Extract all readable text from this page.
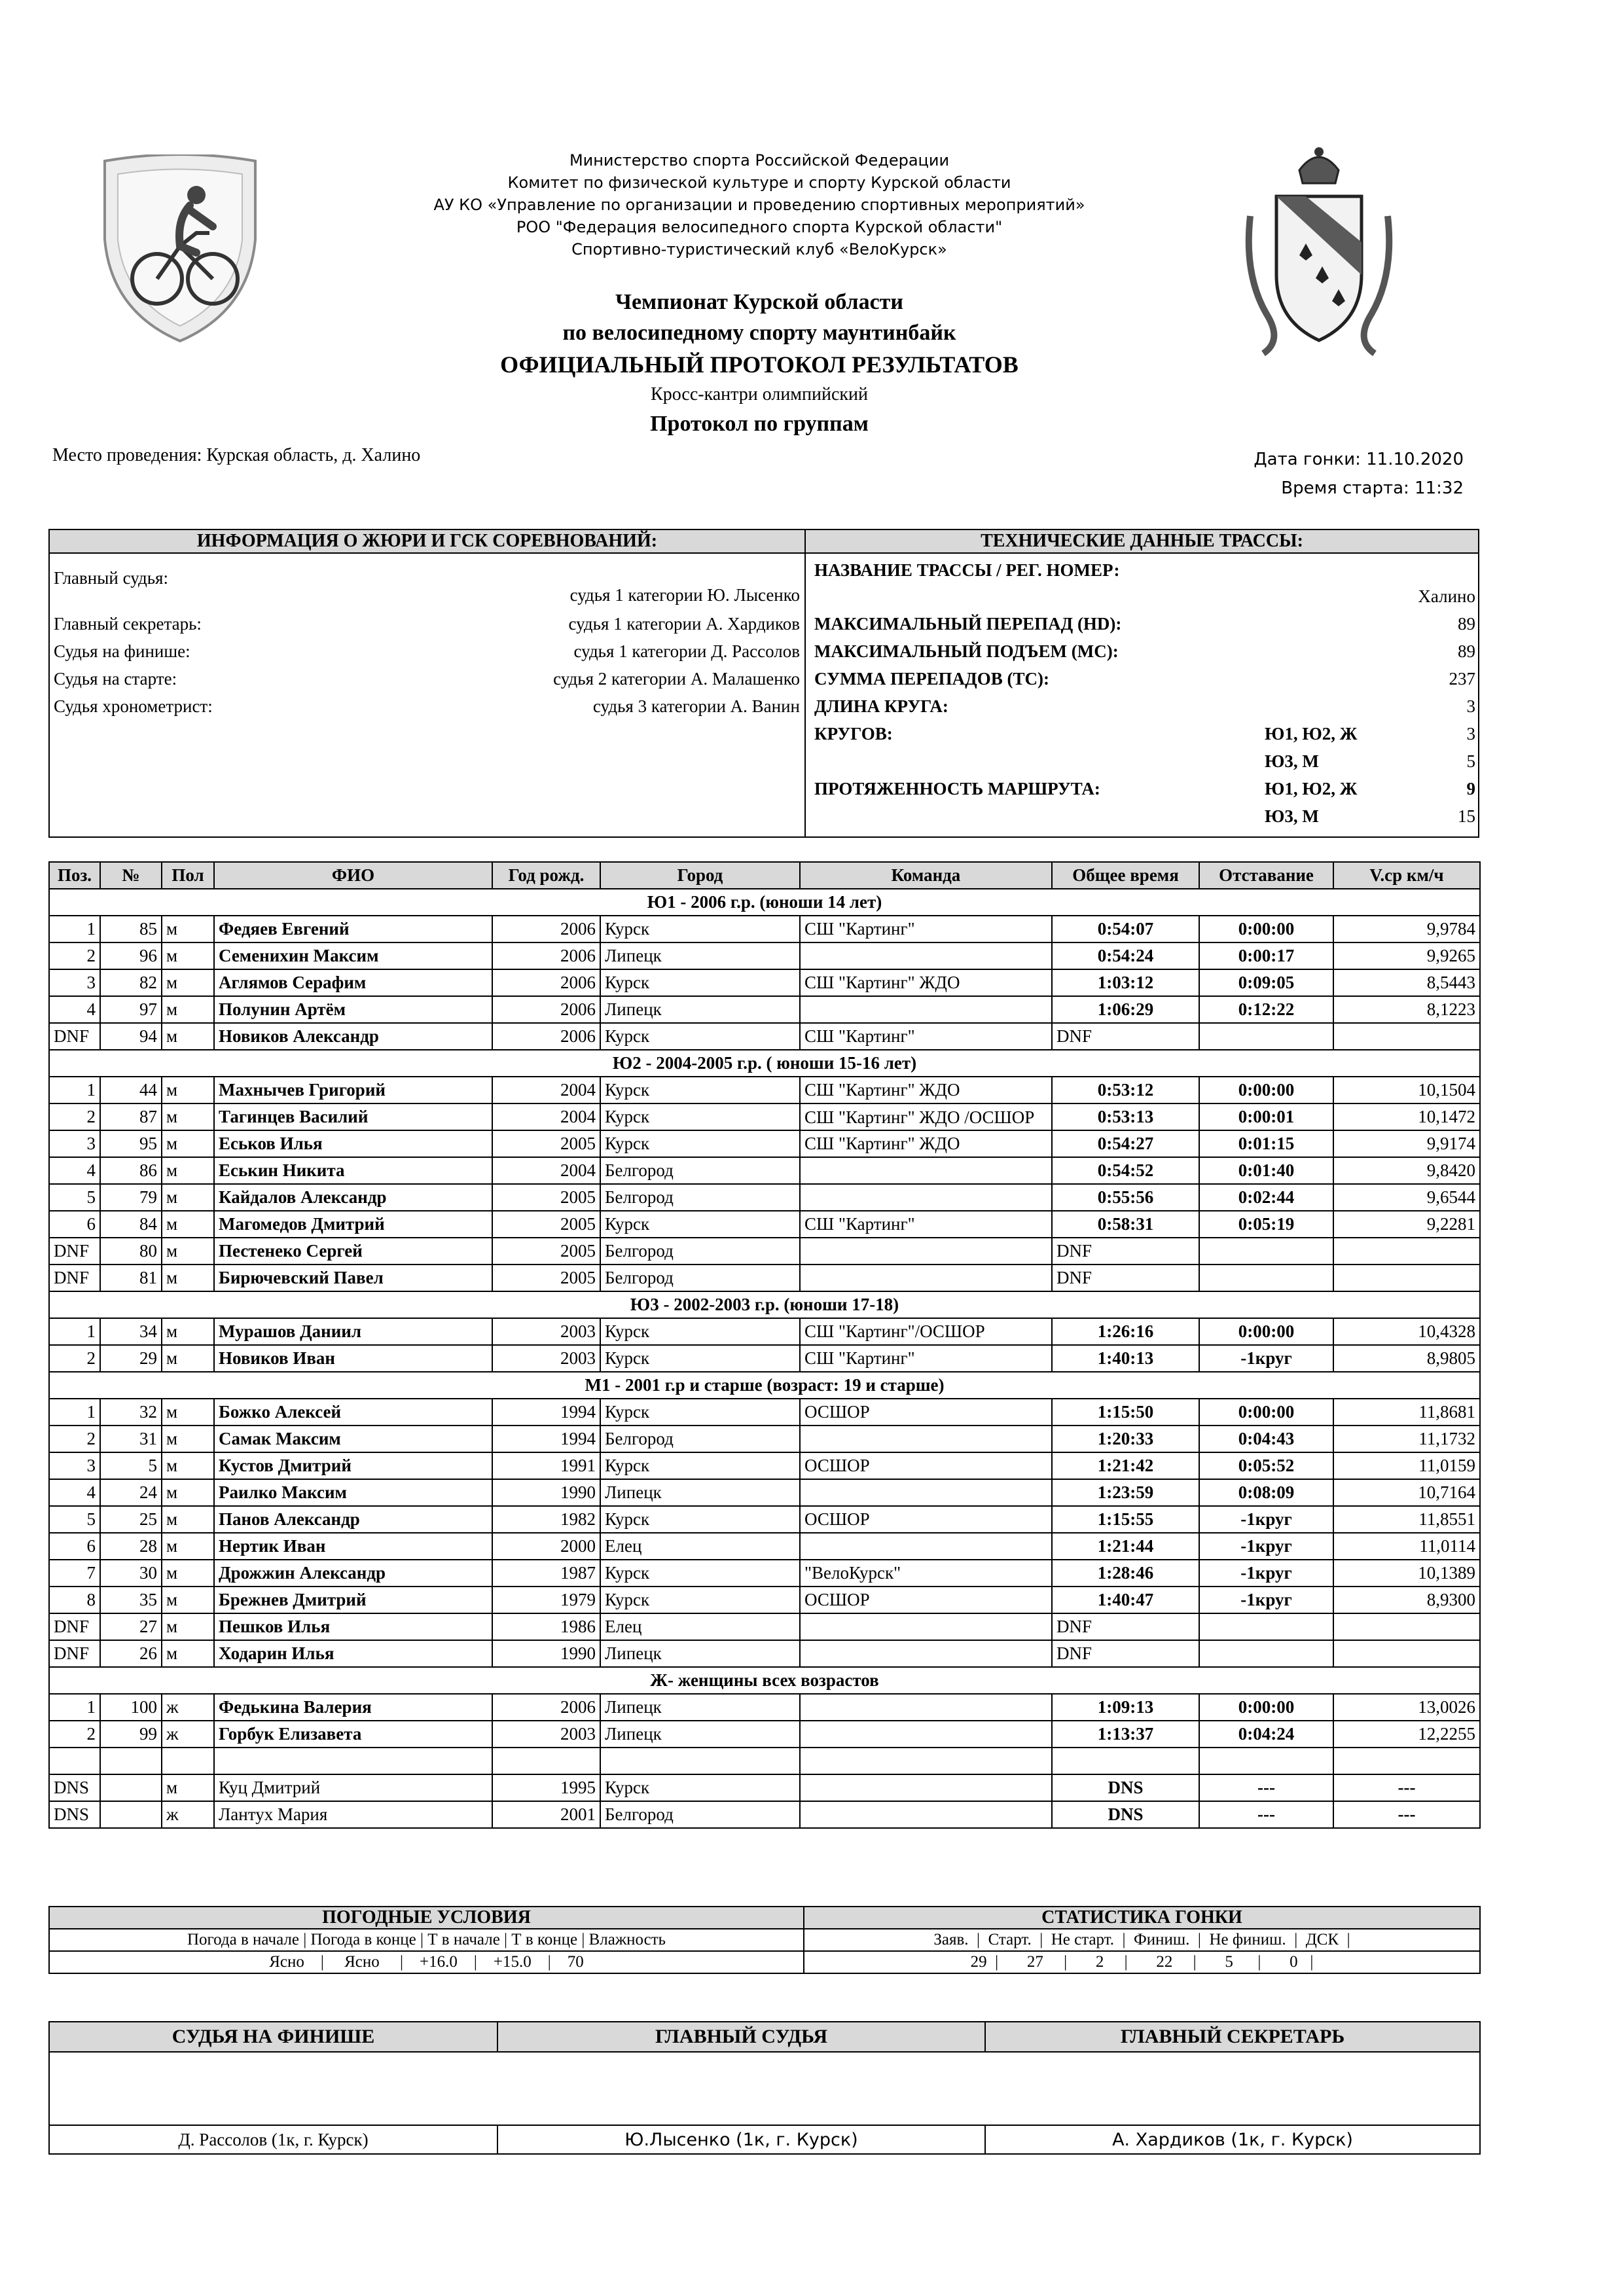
Министерство спорта Российской Федерации
Комитет по физической культуре и спорту Курской области
АУ КО «Управление по организации и проведению спортивных мероприятий»
РОО "Федерация велосипедного спорта Курской области"
Спортивно-туристический клуб «ВелоКурск»
Чемпионат Курской области
по велосипедному спорту маунтинбайк
ОФИЦИАЛЬНЫЙ ПРОТОКОЛ РЕЗУЛЬТАТОВ
Кросс-кантри олимпийский
Протокол по группам
Место проведения: Курская область, д. Халино	Дата гонки: 11.10.2020
Время старта: 11:32
ИНФОРМАЦИЯ О ЖЮРИ И ГСК СОРЕВНОВАНИЙ:	ТЕХНИЧЕСКИЕ ДАННЫЕ ТРАССЫ:
Главный судья:
судья 1 категории Ю. Лысенко
Главный секретарь:	судья 1 категории А. Хардиков
Судья на финише:	судья 1 категории Д. Рассолов
Судья на старте:	судья 2 категории А. Малашенко
Судья хронометрист:	судья 3 категории А. Ванин
НАЗВАНИЕ ТРАССЫ / РЕГ. НОМЕР:
Халино
МАКСИМАЛЬНЫЙ ПЕРЕПАД (HD):	89
МАКСИМАЛЬНЫЙ ПОДЪЕМ (MC):	89
СУММА ПЕРЕПАДОВ (TC):	237
ДЛИНА КРУГА:	3
КРУГОВ:	Ю1, Ю2, Ж	3
Ю3, М	5
ПРОТЯЖЕННОСТЬ МАРШРУТА:	Ю1, Ю2, Ж	9
Ю3, М	15
Поз.	№	Пол	ФИО	Год рожд.	Город	Команда	Общее время	Отставание	V.ср км/ч
Ю1 - 2006 г.р. (юноши 14 лет)									
1	85	м	Федяев Евгений	2006	Курск	СШ "Картинг"	0:54:07	0:00:00	9,9784
2	96	м	Семенихин Максим	2006	Липецк		0:54:24	0:00:17	9,9265
3	82	м	Аглямов Серафим	2006	Курск	СШ "Картинг" ЖДО	1:03:12	0:09:05	8,5443
4	97	м	Полунин Артём	2006	Липецк		1:06:29	0:12:22	8,1223
DNF	94	м	Новиков Александр	2006	Курск	СШ "Картинг"	DNF		
Ю2 - 2004-2005 г.р. ( юноши 15-16 лет)									
1	44	м	Махнычев Григорий	2004	Курск	СШ "Картинг" ЖДО	0:53:12	0:00:00	10,1504
2	87	м	Тагинцев Василий	2004	Курск	СШ "Картинг" ЖДО /ОСШОР	0:53:13	0:00:01	10,1472
3	95	м	Еськов Илья	2005	Курск	СШ "Картинг" ЖДО	0:54:27	0:01:15	9,9174
4	86	м	Еськин Никита	2004	Белгород		0:54:52	0:01:40	9,8420
5	79	м	Кайдалов Александр	2005	Белгород		0:55:56	0:02:44	9,6544
6	84	м	Магомедов Дмитрий	2005	Курск	СШ "Картинг"	0:58:31	0:05:19	9,2281
DNF	80	м	Пестенеко Сергей	2005	Белгород		DNF		
DNF	81	м	Бирючевский Павел	2005	Белгород		DNF		
Ю3 - 2002-2003 г.р. (юноши 17-18)									
1	34	м	Мурашов Даниил	2003	Курск	СШ "Картинг"/ОСШОР	1:26:16	0:00:00	10,4328
2	29	м	Новиков Иван	2003	Курск	СШ "Картинг"	1:40:13	-1круг	8,9805
М1 - 2001 г.р и старше (возраст: 19 и старше)									
1	32	м	Божко Алексей	1994	Курск	ОСШОР	1:15:50	0:00:00	11,8681
2	31	м	Самак Максим	1994	Белгород		1:20:33	0:04:43	11,1732
3	5	м	Кустов Дмитрий	1991	Курск	ОСШОР	1:21:42	0:05:52	11,0159
4	24	м	Раилко Максим	1990	Липецк		1:23:59	0:08:09	10,7164
5	25	м	Панов Александр	1982	Курск	ОСШОР	1:15:55	-1круг	11,8551
6	28	м	Нертик Иван	2000	Елец		1:21:44	-1круг	11,0114
7	30	м	Дрожжин Александр	1987	Курск	"ВелоКурск"	1:28:46	-1круг	10,1389
8	35	м	Брежнев Дмитрий	1979	Курск	ОСШОР	1:40:47	-1круг	8,9300
DNF	27	м	Пешков Илья	1986	Елец		DNF		
DNF	26	м	Ходарин Илья	1990	Липецк		DNF		
Ж- женщины всех возрастов									
1	100	ж	Федькина Валерия	2006	Липецк		1:09:13	0:00:00	13,0026
2	99	ж	Горбук Елизавета	2003	Липецк		1:13:37	0:04:24	12,2255

DNS		м	Куц Дмитрий	1995	Курск		DNS	---	---
DNS		ж	Лантух Мария	2001	Белгород		DNS	---	---
ПОГОДНЫЕ УСЛОВИЯ	СТАТИСТИКА ГОНКИ
Погода в начале | Погода в конце | Т в начале | Т в конце | Влажность	Заяв.  |  Старт.  |  Не старт.  |  Финиш.  |  Не финиш.  |  ДСК  |
Ясно    |     Ясно     |    +16.0    |    +15.0    |    70	29  |       27     |       2     |       22     |       5      |       0   |
СУДЬЯ НА ФИНИШЕ	ГЛАВНЫЙ СУДЬЯ	ГЛАВНЫЙ СЕКРЕТАРЬ

Д. Рассолов (1к, г. Курск)	Ю.Лысенко (1к, г. Курск)	А. Хардиков (1к, г. Курск)
